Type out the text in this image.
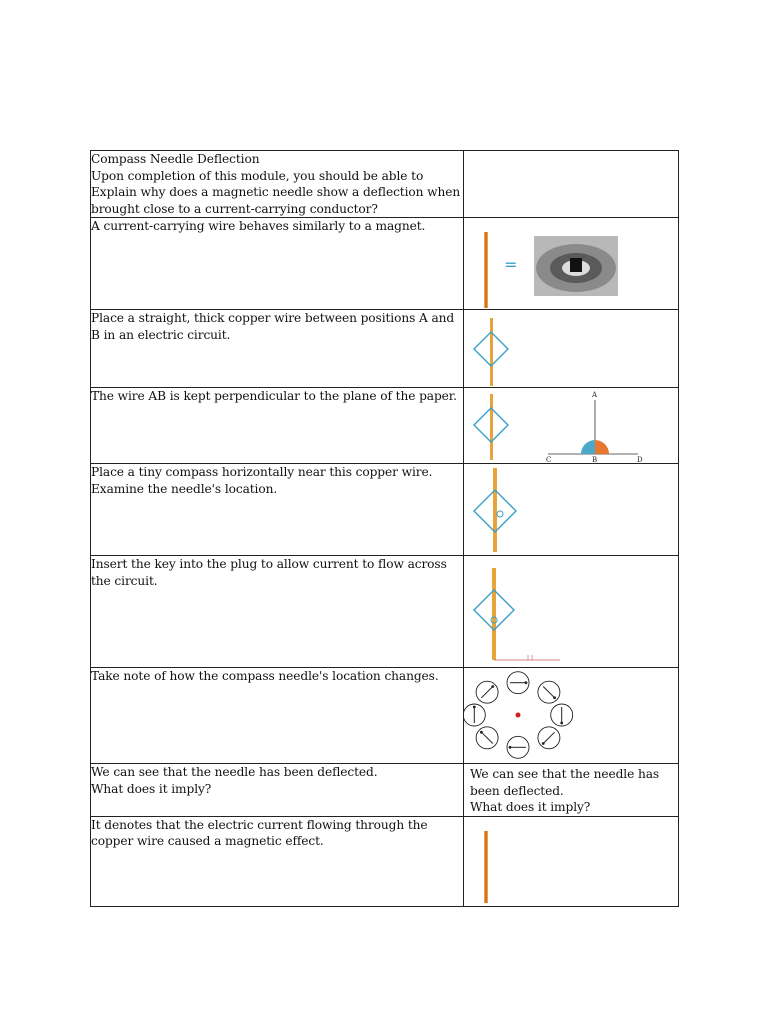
Compass Needle Deflection
Upon completion of this module, you should be able to
Explain why does a magnetic needle show a deflection when
brought close to a current-carrying conductor?	

A current-carrying wire behaves similarly to a magnet.	=

Place a straight, thick copper wire between positions A and
B in an electric circuit.

The wire AB is kept perpendicular to the plane of the paper.	A
C B D

Place a tiny compass horizontally near this copper wire.
Examine the needle's location.

Insert the key into the plug to allow current to flow across
the circuit.

Take note of how the compass needle's location changes.

We can see that the needle has been deflected.
What does it imply?	We can see that the needle has
been deflected.
What does it imply?

It denotes that the electric current flowing through the
copper wire caused a magnetic effect.
